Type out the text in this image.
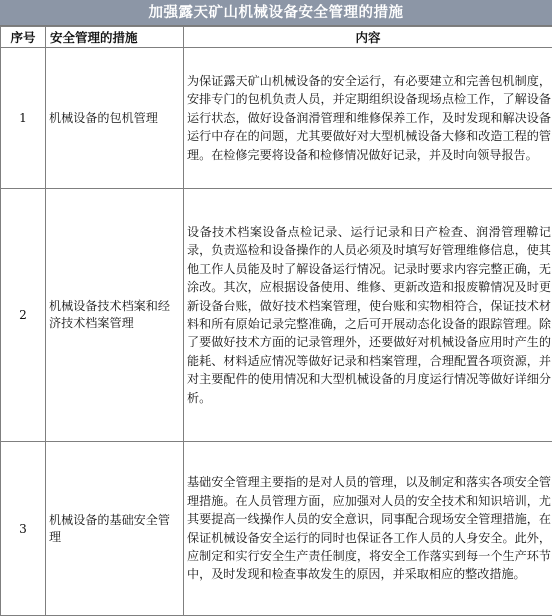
加强露天矿山机械设备安全管理的措施
序号	安全管理的措施	内容
1	机械设备的包机管理	为保证露天矿山机械设备的安全运行，有必要建立和完善包机制度，安排专门的包机负责人员，并定期组织设备现场点检工作，了解设备运行状态，做好设备润滑管理和维修保养工作，及时发现和解决设备运行中存在的问题，尤其要做好对大型机械设备大修和改造工程的管理。在检修完要将设备和检修情况做好记录，并及时向领导报告。
2	机械设备技术档案和经济技术档案管理	设备技术档案设备点检记录、运行记录和日产检查、润滑管理鞥记录，负责巡检和设备操作的人员必须及时填写好管理维修信息，使其他工作人员能及时了解设备运行情况。记录时要求内容完整正确，无涂改。其次，应根据设备使用、维修、更新改造和报废鞥情况及时更新设备台账，做好技术档案管理，使台账和实物相符合，保证技术材料和所有原始记录完整准确，之后可开展动态化设备的跟踪管理。除了要做好技术方面的记录管理外，还要做好对机械设备应用时产生的能耗、材料适应情况等做好记录和档案管理，合理配置各项资源，并对主要配件的使用情况和大型机械设备的月度运行情况等做好详细分析。
3	机械设备的基础安全管理	基础安全管理主要指的是对人员的管理，以及制定和落实各项安全管理措施。在人员管理方面，应加强对人员的安全技术和知识培训，尤其要提高一线操作人员的安全意识，同事配合现场安全管理措施，在保证机械设备安全运行的同时也保证各工作人员的人身安全。此外，应制定和实行安全生产责任制度，将安全工作落实到每一个生产环节中，及时发现和检查事故发生的原因，并采取相应的整改措施。
